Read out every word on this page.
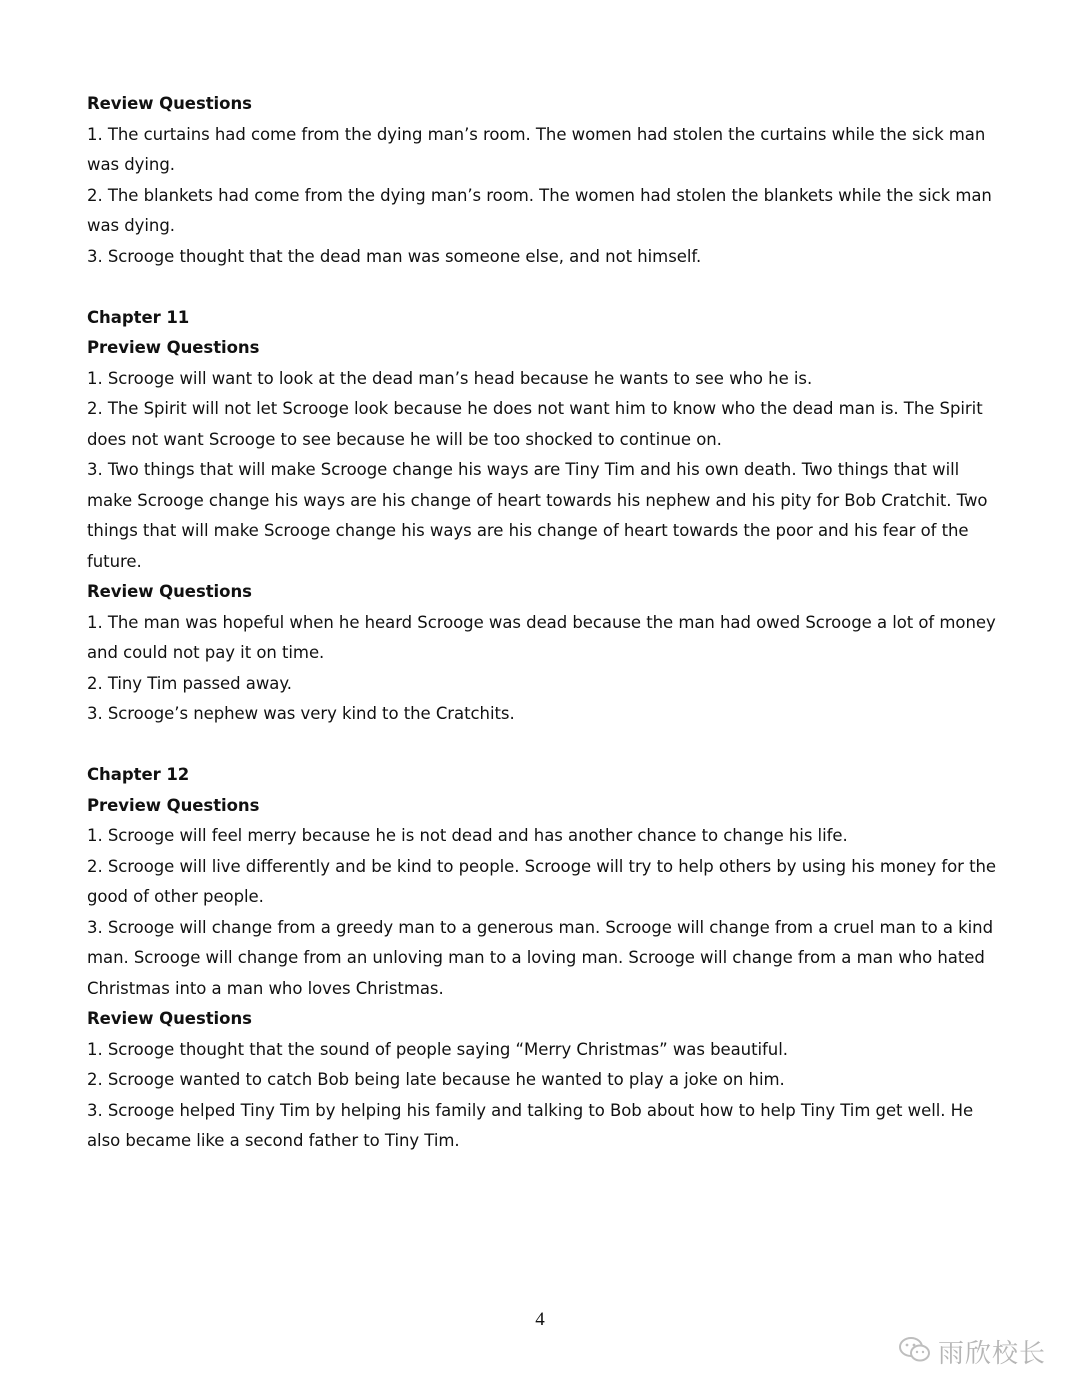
Review Questions

1. The curtains had come from the dying man’s room. The women had stolen the curtains while the sick man was dying.

2. The blankets had come from the dying man’s room. The women had stolen the blankets while the sick man was dying.

3. Scrooge thought that the dead man was someone else, and not himself.

Chapter 11

Preview Questions

1. Scrooge will want to look at the dead man’s head because he wants to see who he is.

2. The Spirit will not let Scrooge look because he does not want him to know who the dead man is. The Spirit does not want Scrooge to see because he will be too shocked to continue on.

3. Two things that will make Scrooge change his ways are Tiny Tim and his own death. Two things that will make Scrooge change his ways are his change of heart towards his nephew and his pity for Bob Cratchit. Two things that will make Scrooge change his ways are his change of heart towards the poor and his fear of the future.

Review Questions

1. The man was hopeful when he heard Scrooge was dead because the man had owed Scrooge a lot of money and could not pay it on time.

2. Tiny Tim passed away.

3. Scrooge’s nephew was very kind to the Cratchits.

Chapter 12

Preview Questions

1. Scrooge will feel merry because he is not dead and has another chance to change his life.

2. Scrooge will live differently and be kind to people. Scrooge will try to help others by using his money for the good of other people.

3. Scrooge will change from a greedy man to a generous man. Scrooge will change from a cruel man to a kind man. Scrooge will change from an unloving man to a loving man. Scrooge will change from a man who hated Christmas into a man who loves Christmas.

Review Questions

1. Scrooge thought that the sound of people saying “Merry Christmas” was beautiful.

2. Scrooge wanted to catch Bob being late because he wanted to play a joke on him.

3. Scrooge helped Tiny Tim by helping his family and talking to Bob about how to help Tiny Tim get well. He also became like a second father to Tiny Tim.

4
雨欣校长
